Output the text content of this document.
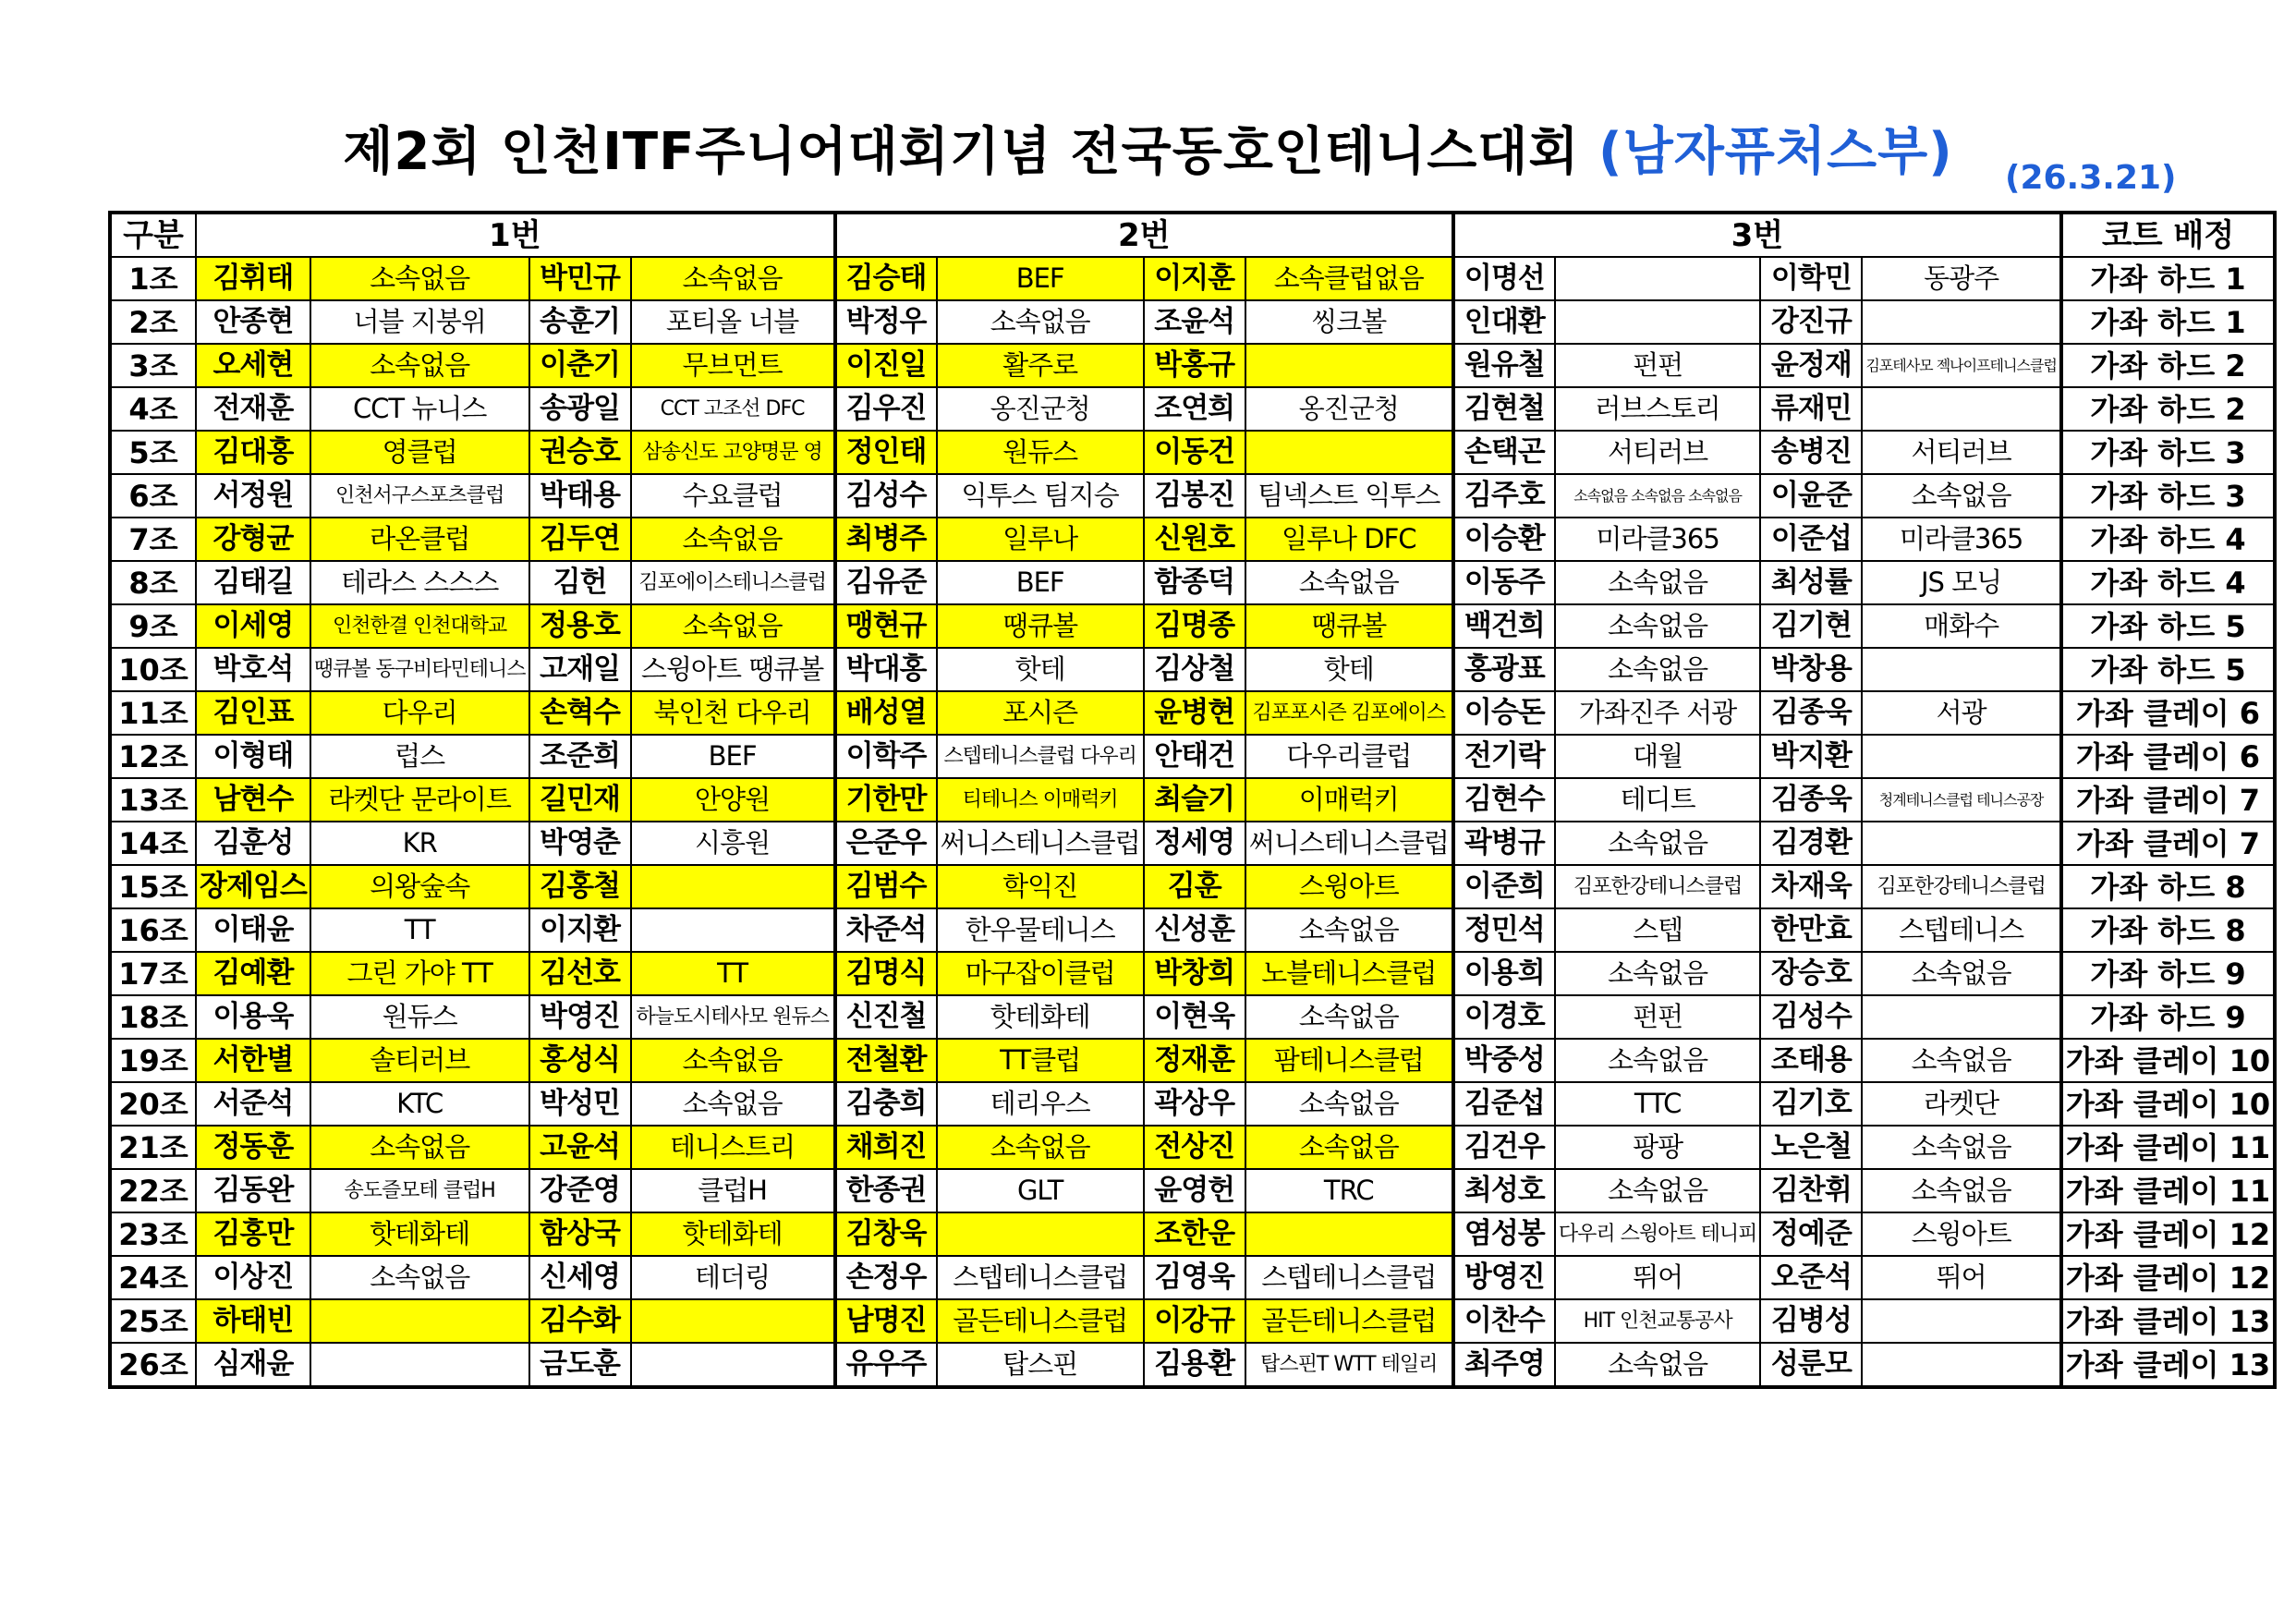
제2회 인천ITF주니어대회기념 전국동호인테니스대회 (남자퓨처스부)	(26.3.21)
구분	1번				2번				3번				코트 배정
1조	김휘태	소속없음	박민규	소속없음	김승태	BEF	이지훈	소속클럽없음	이명선		이학민	동광주	가좌 하드 1
2조	안종현	너블 지붕위	송훈기	포티올 너블	박정우	소속없음	조윤석	씽크볼	인대환		강진규		가좌 하드 1
3조	오세현	소속없음	이춘기	무브먼트	이진일	활주로	박홍규		원유철	펀펀	윤정재	김포테사모 젝나이프테니스클럽	가좌 하드 2
4조	전재훈	CCT 뉴니스	송광일	CCT 고조선 DFC	김우진	옹진군청	조연희	옹진군청	김현철	러브스토리	류재민		가좌 하드 2
5조	김대홍	영클럽	권승호	삼송신도 고양명문 영	정인태	원듀스	이동건		손택곤	서티러브	송병진	서티러브	가좌 하드 3
6조	서정원	인천서구스포츠클럽	박태용	수요클럽	김성수	익투스 팀지승	김봉진	팀넥스트 익투스	김주호	소속없음 소속없음 소속없음	이윤준	소속없음	가좌 하드 3
7조	강형균	라온클럽	김두연	소속없음	최병주	일루나	신원호	일루나 DFC	이승환	미라클365	이준섭	미라클365	가좌 하드 4
8조	김태길	테라스 스스스	김헌	김포에이스테니스클럽	김유준	BEF	함종덕	소속없음	이동주	소속없음	최성률	JS 모닝	가좌 하드 4
9조	이세영	인천한결 인천대학교	정용호	소속없음	맹현규	땡큐볼	김명종	땡큐볼	백건희	소속없음	김기현	매화수	가좌 하드 5
10조	박호석	땡큐볼 동구비타민테니스	고재일	스윙아트 땡큐볼	박대홍	핫테	김상철	핫테	홍광표	소속없음	박창용		가좌 하드 5
11조	김인표	다우리	손혁수	북인천 다우리	배성열	포시즌	윤병현	김포포시즌 김포에이스	이승돈	가좌진주 서광	김종욱	서광	가좌 클레이 6
12조	이형태	럽스	조준희	BEF	이학주	스텝테니스클럽 다우리	안태건	다우리클럽	전기락	대월	박지환		가좌 클레이 6
13조	남현수	라켓단 문라이트	길민재	안양원	기한만	티테니스 이매럭키	최슬기	이매럭키	김현수	테디트	김종욱	청계테니스클럽 테니스공장	가좌 클레이 7
14조	김훈성	KR	박영춘	시흥원	은준우	써니스테니스클럽	정세영	써니스테니스클럽	곽병규	소속없음	김경환		가좌 클레이 7
15조	장제임스	의왕숲속	김홍철		김범수	학익진	김훈	스윙아트	이준희	김포한강테니스클럽	차재욱	김포한강테니스클럽	가좌 하드 8
16조	이태윤	TT	이지환		차준석	한우물테니스	신성훈	소속없음	정민석	스텝	한만효	스텝테니스	가좌 하드 8
17조	김예환	그린 가야 TT	김선호	TT	김명식	마구잡이클럽	박창희	노블테니스클럽	이용희	소속없음	장승호	소속없음	가좌 하드 9
18조	이용욱	원듀스	박영진	하늘도시테사모 원듀스	신진철	핫테화테	이현욱	소속없음	이경호	펀펀	김성수		가좌 하드 9
19조	서한별	솔티러브	홍성식	소속없음	전철환	TT클럽	정재훈	팜테니스클럽	박중성	소속없음	조태용	소속없음	가좌 클레이 10
20조	서준석	KTC	박성민	소속없음	김충희	테리우스	곽상우	소속없음	김준섭	TTC	김기호	라켓단	가좌 클레이 10
21조	정동훈	소속없음	고윤석	테니스트리	채희진	소속없음	전상진	소속없음	김건우	팡팡	노은철	소속없음	가좌 클레이 11
22조	김동완	송도즐모테 클럽H	강준영	클럽H	한종권	GLT	윤영헌	TRC	최성호	소속없음	김찬휘	소속없음	가좌 클레이 11
23조	김홍만	핫테화테	함상국	핫테화테	김창욱		조한운		염성봉	다우리 스윙아트 테니피	정예준	스윙아트	가좌 클레이 12
24조	이상진	소속없음	신세영	테더링	손정우	스텝테니스클럽	김영욱	스텝테니스클럽	방영진	뛰어	오준석	뛰어	가좌 클레이 12
25조	하태빈		김수화		남명진	골든테니스클럽	이강규	골든테니스클럽	이찬수	HIT 인천교통공사	김병성		가좌 클레이 13
26조	심재윤		금도훈		유우주	탑스핀	김용환	탑스핀T WTT 테일리	최주영	소속없음	성룬모		가좌 클레이 13
